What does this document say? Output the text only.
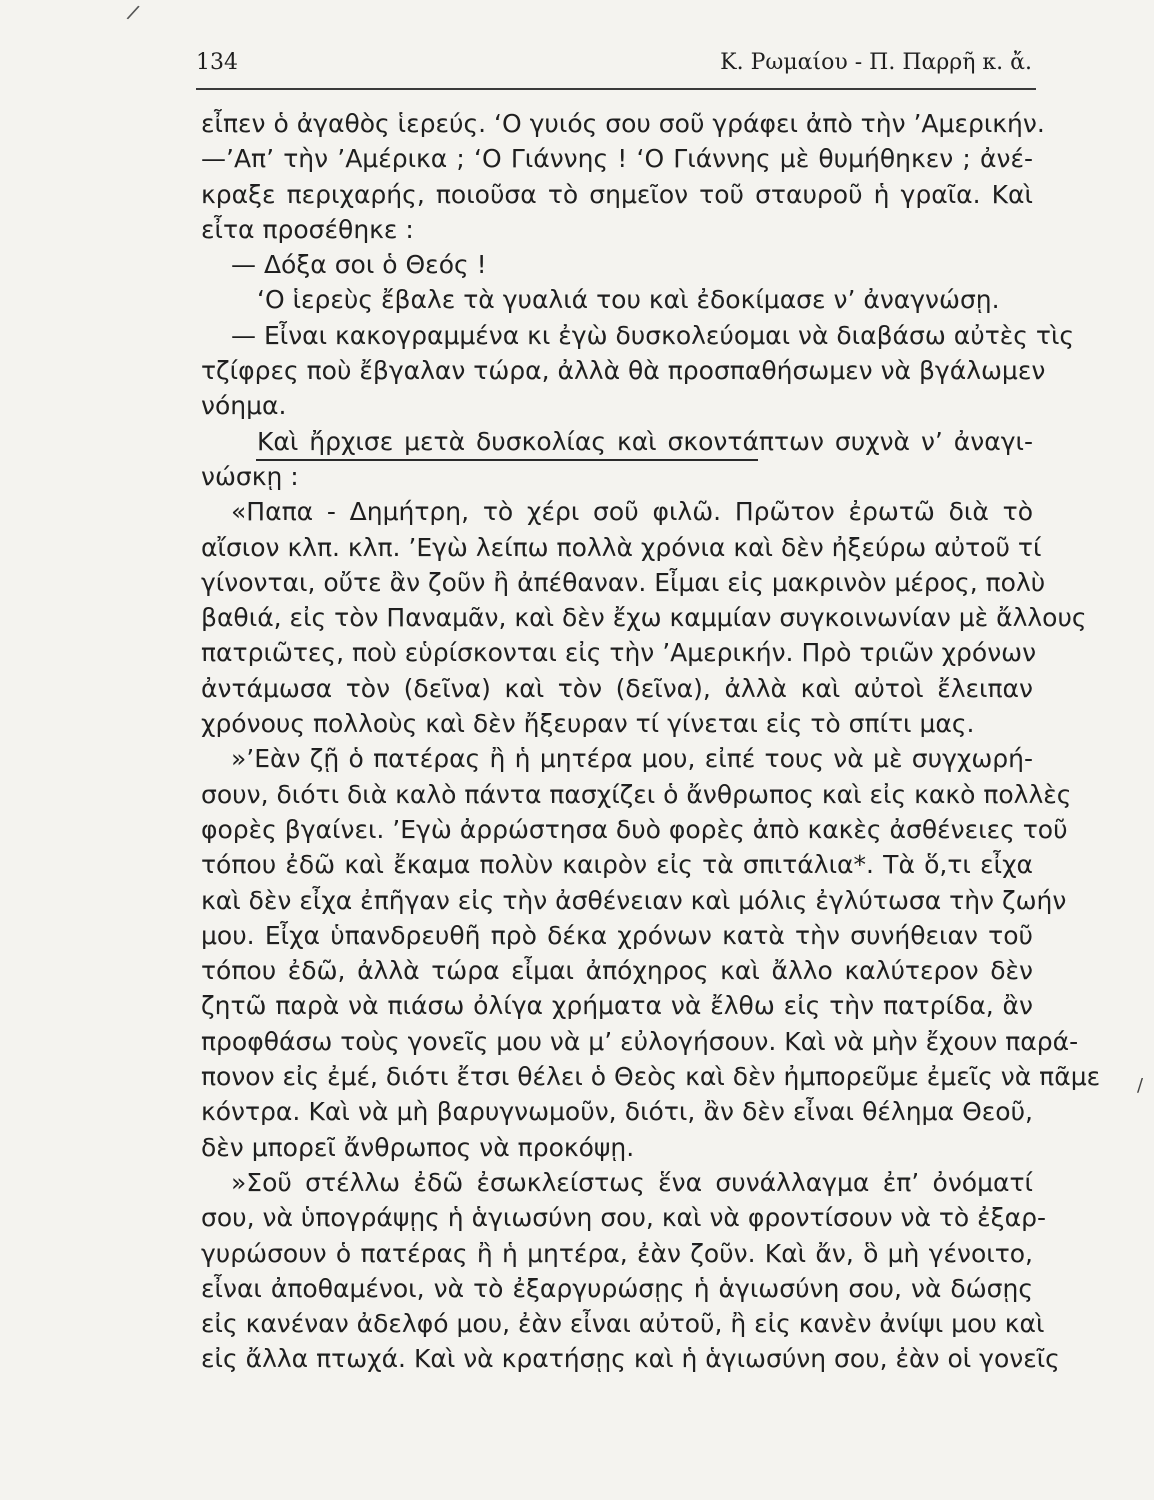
/
134	Κ. Ρωμαίου - Π. Παρρῆ κ. ἄ.
εἶπεν ὁ ἀγαθὸς ἱερεύς. ‘Ο γυιός σου σοῦ γράφει ἀπὸ τὴν ’Αμερικήν.
—’Απ’ τὴν ’Αμέρικα ; ‘Ο Γιάννης ! ‘Ο Γιάννης μὲ θυμήθηκεν ; ἀνέ-
κραξε περιχαρής, ποιοῦσα τὸ σημεῖον τοῦ σταυροῦ ἡ γραῖα. Καὶ
εἶτα προσέθηκε :
— Δόξα σοι ὁ Θεός !
‘Ο ἱερεὺς ἔβαλε τὰ γυαλιά του καὶ ἐδοκίμασε ν’ ἀναγνώσῃ.
— Εἶναι κακογραμμένα κι ἐγὼ δυσκολεύομαι νὰ διαβάσω αὐτὲς τὶς
τζίφρες ποὺ ἔβγαλαν τώρα, ἀλλὰ θὰ προσπαθήσωμεν νὰ βγάλωμεν
νόημα.
Καὶ ἤρχισε μετὰ δυσκολίας καὶ σκοντάπτων συχνὰ ν’ ἀναγι-
νώσκῃ :
«Παπα - Δημήτρη, τὸ χέρι σοῦ φιλῶ. Πρῶτον ἐρωτῶ διὰ τὸ
αἴσιον κλπ. κλπ. ’Εγὼ λείπω πολλὰ χρόνια καὶ δὲν ἠξεύρω αὐτοῦ τί
γίνονται, οὔτε ἂν ζοῦν ἢ ἀπέθαναν. Εἶμαι εἰς μακρινὸν μέρος, πολὺ
βαθιά, εἰς τὸν Παναμᾶν, καὶ δὲν ἔχω καμμίαν συγκοινωνίαν μὲ ἄλλους
πατριῶτες, ποὺ εὑρίσκονται εἰς τὴν ’Αμερικήν. Πρὸ τριῶν χρόνων
ἀντάμωσα τὸν (δεῖνα) καὶ τὸν (δεῖνα), ἀλλὰ καὶ αὐτοὶ ἔλειπαν
χρόνους πολλοὺς καὶ δὲν ἤξευραν τί γίνεται εἰς τὸ σπίτι μας.
»’Εὰν ζῇ ὁ πατέρας ἢ ἡ μητέρα μου, εἰπέ τους νὰ μὲ συγχωρή-
σουν, διότι διὰ καλὸ πάντα πασχίζει ὁ ἄνθρωπος καὶ εἰς κακὸ πολλὲς
φορὲς βγαίνει. ’Εγὼ ἀρρώστησα δυὸ φορὲς ἀπὸ κακὲς ἀσθένειες τοῦ
τόπου ἐδῶ καὶ ἔκαμα πολὺν καιρὸν εἰς τὰ σπιτάλια*. Τὰ ὅ,τι εἶχα
καὶ δὲν εἶχα ἐπῆγαν εἰς τὴν ἀσθένειαν καὶ μόλις ἐγλύτωσα τὴν ζωήν
μου. Εἶχα ὑπανδρευθῆ πρὸ δέκα χρόνων κατὰ τὴν συνήθειαν τοῦ
τόπου ἐδῶ, ἀλλὰ τώρα εἶμαι ἀπόχηρος καὶ ἄλλο καλύτερον δὲν
ζητῶ παρὰ νὰ πιάσω ὀλίγα χρήματα νὰ ἔλθω εἰς τὴν πατρίδα, ἂν
προφθάσω τοὺς γονεῖς μου νὰ μ’ εὐλογήσουν. Καὶ νὰ μὴν ἔχουν παρά-
πονον εἰς ἐμέ, διότι ἔτσι θέλει ὁ Θεὸς καὶ δὲν ἠμπορεῦμε ἐμεῖς νὰ πᾶμε
κόντρα. Καὶ νὰ μὴ βαρυγνωμοῦν, διότι, ἂν δὲν εἶναι θέλημα Θεοῦ,
δὲν μπορεῖ ἄνθρωπος νὰ προκόψῃ.
»Σοῦ στέλλω ἐδῶ ἐσωκλείστως ἕνα συνάλλαγμα ἐπ’ ὀνόματί
σου, νὰ ὑπογράψῃς ἡ ἁγιωσύνη σου, καὶ νὰ φροντίσουν νὰ τὸ ἐξαρ-
γυρώσουν ὁ πατέρας ἢ ἡ μητέρα, ἐὰν ζοῦν. Καὶ ἄν, ὃ μὴ γένοιτο,
εἶναι ἀποθαμένοι, νὰ τὸ ἐξαργυρώσῃς ἡ ἁγιωσύνη σου, νὰ δώσῃς
εἰς κανέναν ἀδελφό μου, ἐὰν εἶναι αὐτοῦ, ἢ εἰς κανὲν ἀνίψι μου καὶ
εἰς ἄλλα πτωχά. Καὶ νὰ κρατήσῃς καὶ ἡ ἁγιωσύνη σου, ἐὰν οἱ γονεῖς
/
